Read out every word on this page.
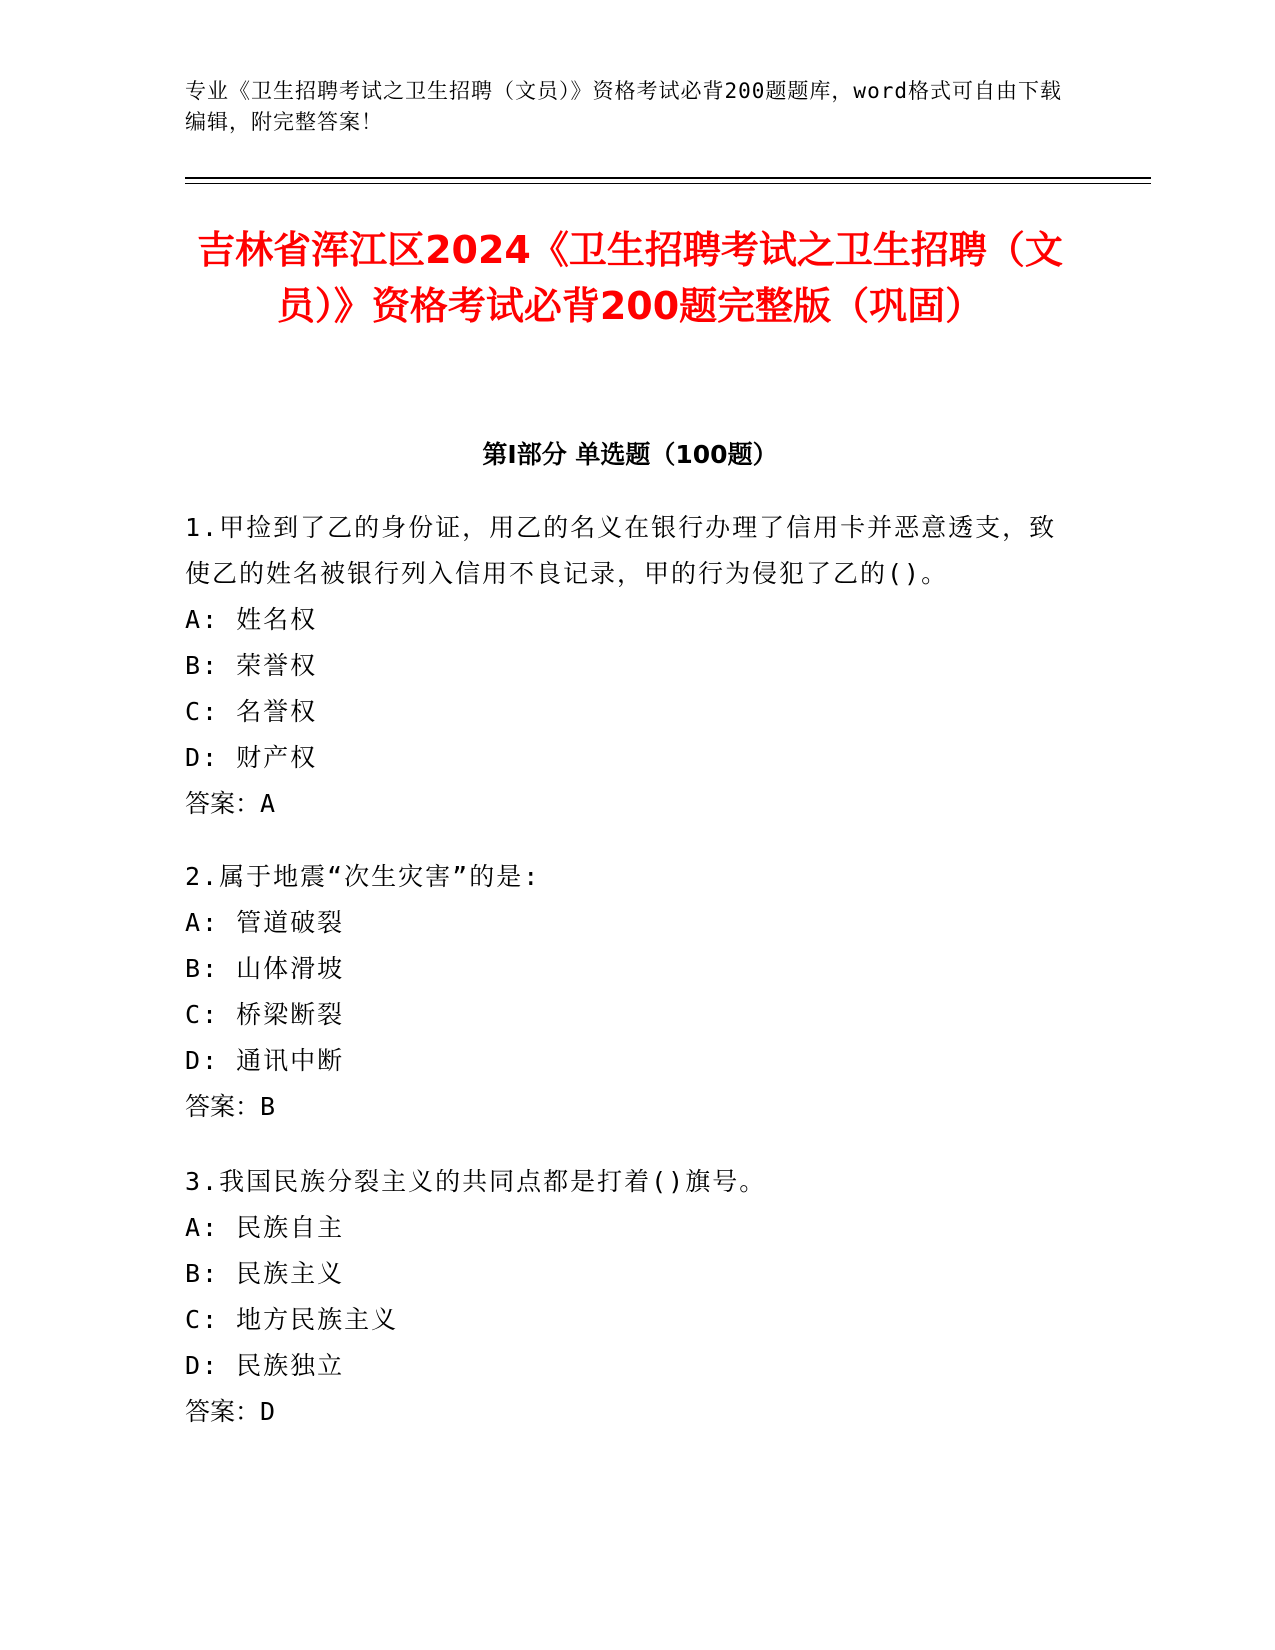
专业《卫生招聘考试之卫生招聘（文员）》资格考试必背200题题库，word格式可自由下载编辑，附完整答案！
吉林省浑江区2024《卫生招聘考试之卫生招聘（文员）》资格考试必背200题完整版（巩固）
第Ⅰ部分 单选题（100题）
1.甲捡到了乙的身份证，用乙的名义在银行办理了信用卡并恶意透支，致使乙的姓名被银行列入信用不良记录，甲的行为侵犯了乙的()。
A: 姓名权
B: 荣誉权
C: 名誉权
D: 财产权
答案：A
2.属于地震“次生灾害”的是:
A: 管道破裂
B: 山体滑坡
C: 桥梁断裂
D: 通讯中断
答案：B
3.我国民族分裂主义的共同点都是打着()旗号。
A: 民族自主
B: 民族主义
C: 地方民族主义
D: 民族独立
答案：D
